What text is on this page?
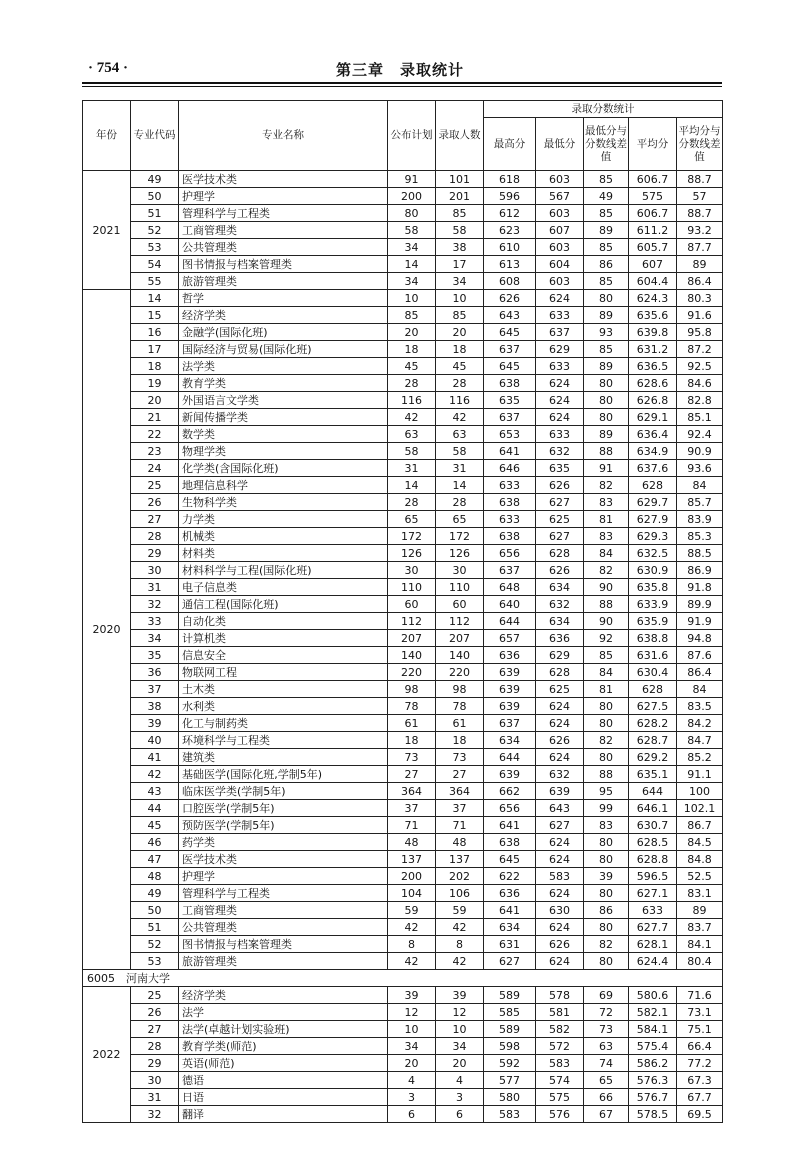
· 754 ·	第三章　录取统计
年份	专业代码	专业名称	公布计划	录取人数	录取分数统计				
					最高分	最低分	最低分与分数线差值	平均分	平均分与分数线差值
2021	49	医学技术类	91	101	618	603	85	606.7	88.7
	50	护理学	200	201	596	567	49	575	57
	51	管理科学与工程类	80	85	612	603	85	606.7	88.7
	52	工商管理类	58	58	623	607	89	611.2	93.2
	53	公共管理类	34	38	610	603	85	605.7	87.7
	54	图书情报与档案管理类	14	17	613	604	86	607	89
	55	旅游管理类	34	34	608	603	85	604.4	86.4
2020	14	哲学	10	10	626	624	80	624.3	80.3
	15	经济学类	85	85	643	633	89	635.6	91.6
	16	金融学(国际化班)	20	20	645	637	93	639.8	95.8
	17	国际经济与贸易(国际化班)	18	18	637	629	85	631.2	87.2
	18	法学类	45	45	645	633	89	636.5	92.5
	19	教育学类	28	28	638	624	80	628.6	84.6
	20	外国语言文学类	116	116	635	624	80	626.8	82.8
	21	新闻传播学类	42	42	637	624	80	629.1	85.1
	22	数学类	63	63	653	633	89	636.4	92.4
	23	物理学类	58	58	641	632	88	634.9	90.9
	24	化学类(含国际化班)	31	31	646	635	91	637.6	93.6
	25	地理信息科学	14	14	633	626	82	628	84
	26	生物科学类	28	28	638	627	83	629.7	85.7
	27	力学类	65	65	633	625	81	627.9	83.9
	28	机械类	172	172	638	627	83	629.3	85.3
	29	材料类	126	126	656	628	84	632.5	88.5
	30	材料科学与工程(国际化班)	30	30	637	626	82	630.9	86.9
	31	电子信息类	110	110	648	634	90	635.8	91.8
	32	通信工程(国际化班)	60	60	640	632	88	633.9	89.9
	33	自动化类	112	112	644	634	90	635.9	91.9
	34	计算机类	207	207	657	636	92	638.8	94.8
	35	信息安全	140	140	636	629	85	631.6	87.6
	36	物联网工程	220	220	639	628	84	630.4	86.4
	37	土木类	98	98	639	625	81	628	84
	38	水利类	78	78	639	624	80	627.5	83.5
	39	化工与制药类	61	61	637	624	80	628.2	84.2
	40	环境科学与工程类	18	18	634	626	82	628.7	84.7
	41	建筑类	73	73	644	624	80	629.2	85.2
	42	基础医学(国际化班,学制5年)	27	27	639	632	88	635.1	91.1
	43	临床医学类(学制5年)	364	364	662	639	95	644	100
	44	口腔医学(学制5年)	37	37	656	643	99	646.1	102.1
	45	预防医学(学制5年)	71	71	641	627	83	630.7	86.7
	46	药学类	48	48	638	624	80	628.5	84.5
	47	医学技术类	137	137	645	624	80	628.8	84.8
	48	护理学	200	202	622	583	39	596.5	52.5
	49	管理科学与工程类	104	106	636	624	80	627.1	83.1
	50	工商管理类	59	59	641	630	86	633	89
	51	公共管理类	42	42	634	624	80	627.7	83.7
	52	图书情报与档案管理类	8	8	631	626	82	628.1	84.1
	53	旅游管理类	42	42	627	624	80	624.4	80.4
6005　河南大学									
2022	25	经济学类	39	39	589	578	69	580.6	71.6
	26	法学	12	12	585	581	72	582.1	73.1
	27	法学(卓越计划实验班)	10	10	589	582	73	584.1	75.1
	28	教育学类(师范)	34	34	598	572	63	575.4	66.4
	29	英语(师范)	20	20	592	583	74	586.2	77.2
	30	德语	4	4	577	574	65	576.3	67.3
	31	日语	3	3	580	575	66	576.7	67.7
	32	翻译	6	6	583	576	67	578.5	69.5
